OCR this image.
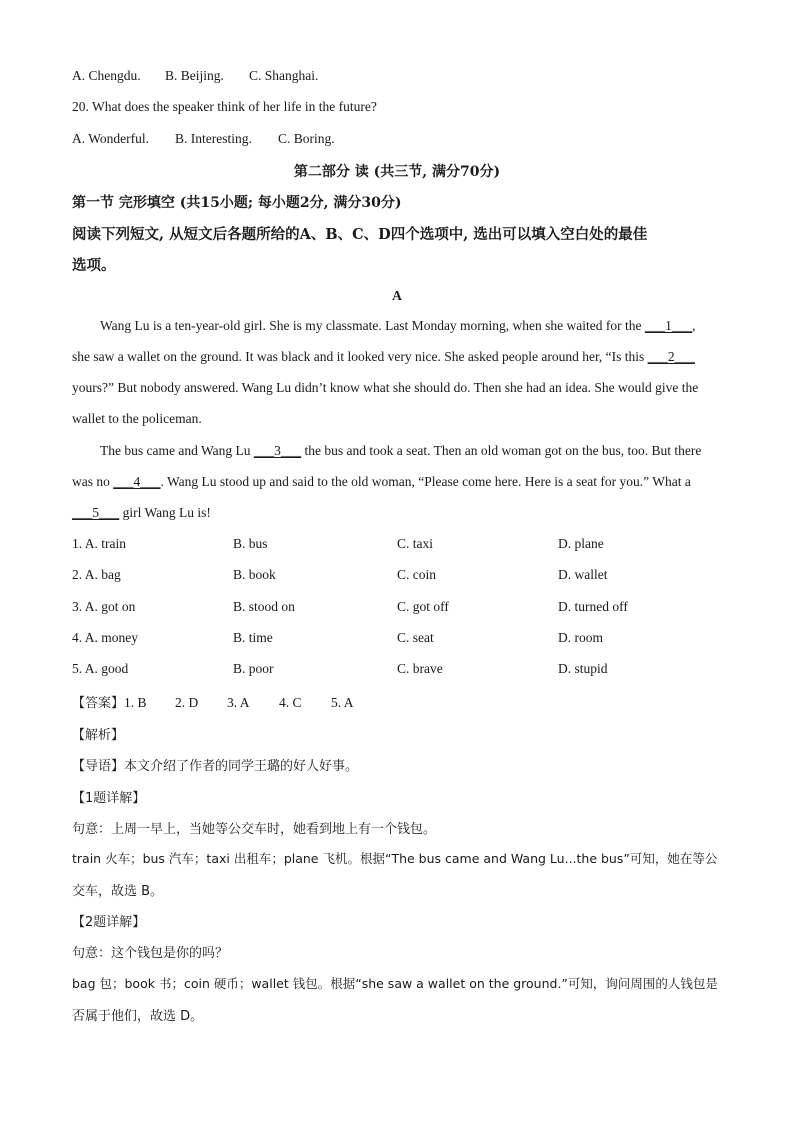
A. Chengdu. B. Beijing. C. Shanghai.
20. What does the speaker think of her life in the future?
A. Wonderful. B. Interesting. C. Boring.
第二部分 读 (共三节, 满分70分)
第一节 完形填空 (共15小题; 每小题2分, 满分30分)
阅读下列短文, 从短文后各题所给的A、B、C、D四个选项中, 选出可以填入空白处的最佳
选项。
A
Wang Lu is a ten-year-old girl. She is my classmate. Last Monday morning, when she waited for the ___1___,
she saw a wallet on the ground. It was black and it looked very nice. She asked people around her, “Is this ___2___
yours?” But nobody answered. Wang Lu didn’t know what she should do. Then she had an idea. She would give the
wallet to the policeman.
The bus came and Wang Lu ___3___ the bus and took a seat. Then an old woman got on the bus, too. But there
was no ___4___. Wang Lu stood up and said to the old woman, “Please come here. Here is a seat for you.” What a
___5___ girl Wang Lu is!
1. A. train	B. bus	C. taxi	D. plane
2. A. bag	B. book	C. coin	D. wallet
3. A. got on	B. stood on	C. got off	D. turned off
4. A. money	B. time	C. seat	D. room
5. A. good	B. poor	C. brave	D. stupid
【答案】1. B 2. D 3. A 4. C 5. A
【解析】
【导语】本文介绍了作者的同学王璐的好人好事。
【1题详解】
句意：上周一早上，当她等公交车时，她看到地上有一个钱包。
train 火车；bus 汽车；taxi 出租车；plane 飞机。根据“The bus came and Wang Lu...the bus”可知，她在等公
交车，故选 B。
【2题详解】
句意：这个钱包是你的吗？
bag 包；book 书；coin 硬币；wallet 钱包。根据“she saw a wallet on the ground.”可知，询问周围的人钱包是
否属于他们，故选 D。
